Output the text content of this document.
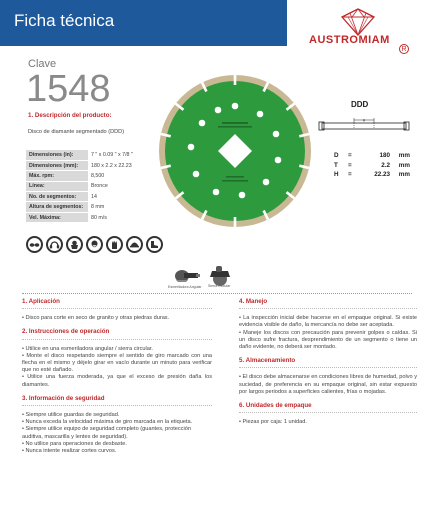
Ficha técnica
AUSTROMIAM
R
Clave
1548
1. Descripción del producto:
Disco de diamante segmentado (DDD)
Dimensiones (in):	7 " x 0.09 " x 7/8 "
Dimensiones (mm):	180 x 2.2 x 22.23
Máx. rpm:	8,500
Línea:	Bronce
No. de segmentos:	14
Altura de segmentos:	8 mm
Vel. Máxima:	80 m/s
DDD
H
D	=	180	mm
T	=	2.2	mm
H	=	22.23	mm
Esmeriladora Angular Sierra Circular
1. Aplicación

• Disco para corte en seco de granito y otras piedras duras.

2. Instrucciones de operación

• Utilice en una esmeriladora angular / sierra circular.

• Monte el disco respetando siempre el sentido de giro marcado con una flecha en el mismo y déjelo girar en vacío durante un minuto para verificar que no esté dañado.

• Utilice una fuerza moderada, ya que el exceso de presión daña los diamantes.

3. Información de seguridad

• Siempre utilice guardas de seguridad.

• Nunca exceda la velocidad máxima de giro marcada en la etiqueta.

• Siempre utilice equipo de seguridad completo (guantes, protección auditiva, mascarilla y lentes de seguridad).

• No utilice para operaciones de desbaste.

• Nunca intente realizar cortes curvos.

4. Manejo

• La inspección inicial debe hacerse en el empaque original. Si existe evidencia visible de daño, la mercancía no debe ser aceptada.

• Maneje los discos con precaución para prevenir golpes o caídas. Si un disco sufre fractura, desprendimiento de un segmento o tiene un daño evidente, no deberá ser montado.

5. Almacenamiento

• El disco debe almacenarse en condiciones libres de humedad, polvo y suciedad, de preferencia en su empaque original, sin estar expuesto por largos periodos a superficies calientes, frías o mojadas.

6. Unidades de empaque

• Piezas por caja: 1 unidad.
